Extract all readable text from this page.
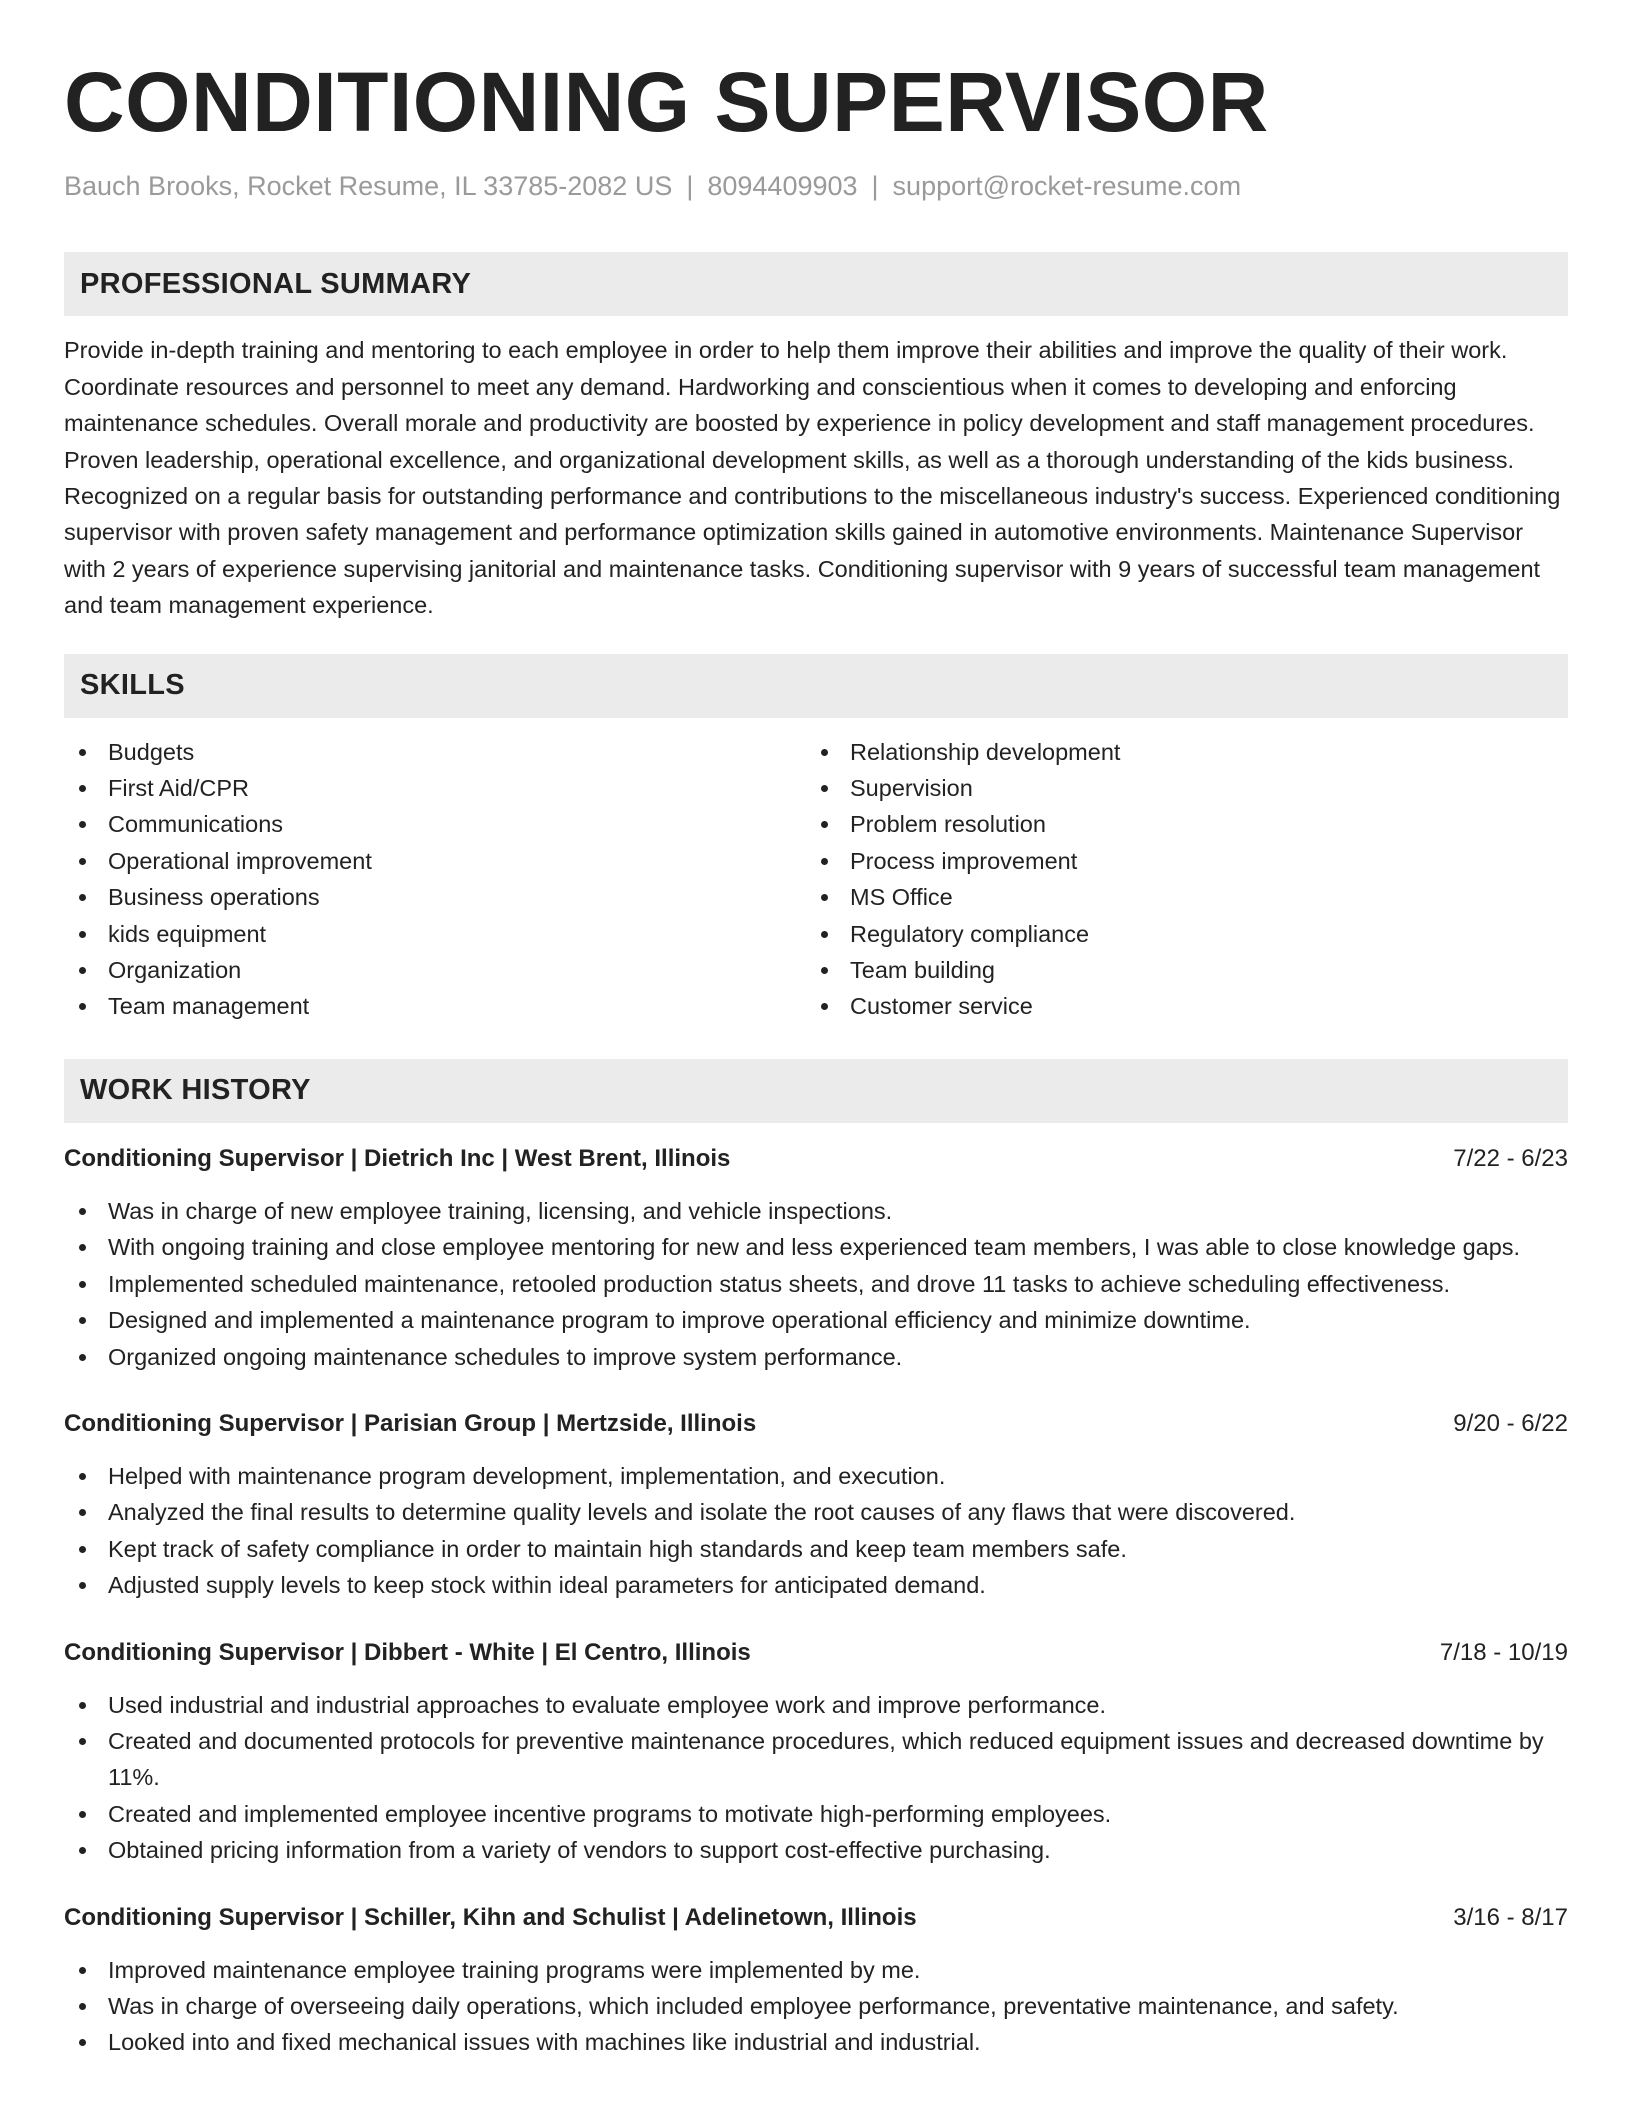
CONDITIONING SUPERVISOR
Bauch Brooks, Rocket Resume, IL 33785-2082 US | 8094409903 | support@rocket-resume.com
PROFESSIONAL SUMMARY
Provide in-depth training and mentoring to each employee in order to help them improve their abilities and improve the quality of their work. Coordinate resources and personnel to meet any demand. Hardworking and conscientious when it comes to developing and enforcing maintenance schedules. Overall morale and productivity are boosted by experience in policy development and staff management procedures. Proven leadership, operational excellence, and organizational development skills, as well as a thorough understanding of the kids business. Recognized on a regular basis for outstanding performance and contributions to the miscellaneous industry's success. Experienced conditioning supervisor with proven safety management and performance optimization skills gained in automotive environments. Maintenance Supervisor with 2 years of experience supervising janitorial and maintenance tasks. Conditioning supervisor with 9 years of successful team management and team management experience.
SKILLS
Budgets
First Aid/CPR
Communications
Operational improvement
Business operations
kids equipment
Organization
Team management
Relationship development
Supervision
Problem resolution
Process improvement
MS Office
Regulatory compliance
Team building
Customer service
WORK HISTORY
Conditioning Supervisor | Dietrich Inc | West Brent, Illinois	7/22 - 6/23
Was in charge of new employee training, licensing, and vehicle inspections.
With ongoing training and close employee mentoring for new and less experienced team members, I was able to close knowledge gaps.
Implemented scheduled maintenance, retooled production status sheets, and drove 11 tasks to achieve scheduling effectiveness.
Designed and implemented a maintenance program to improve operational efficiency and minimize downtime.
Organized ongoing maintenance schedules to improve system performance.
Conditioning Supervisor | Parisian Group | Mertzside, Illinois	9/20 - 6/22
Helped with maintenance program development, implementation, and execution.
Analyzed the final results to determine quality levels and isolate the root causes of any flaws that were discovered.
Kept track of safety compliance in order to maintain high standards and keep team members safe.
Adjusted supply levels to keep stock within ideal parameters for anticipated demand.
Conditioning Supervisor | Dibbert - White | El Centro, Illinois	7/18 - 10/19
Used industrial and industrial approaches to evaluate employee work and improve performance.
Created and documented protocols for preventive maintenance procedures, which reduced equipment issues and decreased downtime by 11%.
Created and implemented employee incentive programs to motivate high-performing employees.
Obtained pricing information from a variety of vendors to support cost-effective purchasing.
Conditioning Supervisor | Schiller, Kihn and Schulist | Adelinetown, Illinois	3/16 - 8/17
Improved maintenance employee training programs were implemented by me.
Was in charge of overseeing daily operations, which included employee performance, preventative maintenance, and safety.
Looked into and fixed mechanical issues with machines like industrial and industrial.
